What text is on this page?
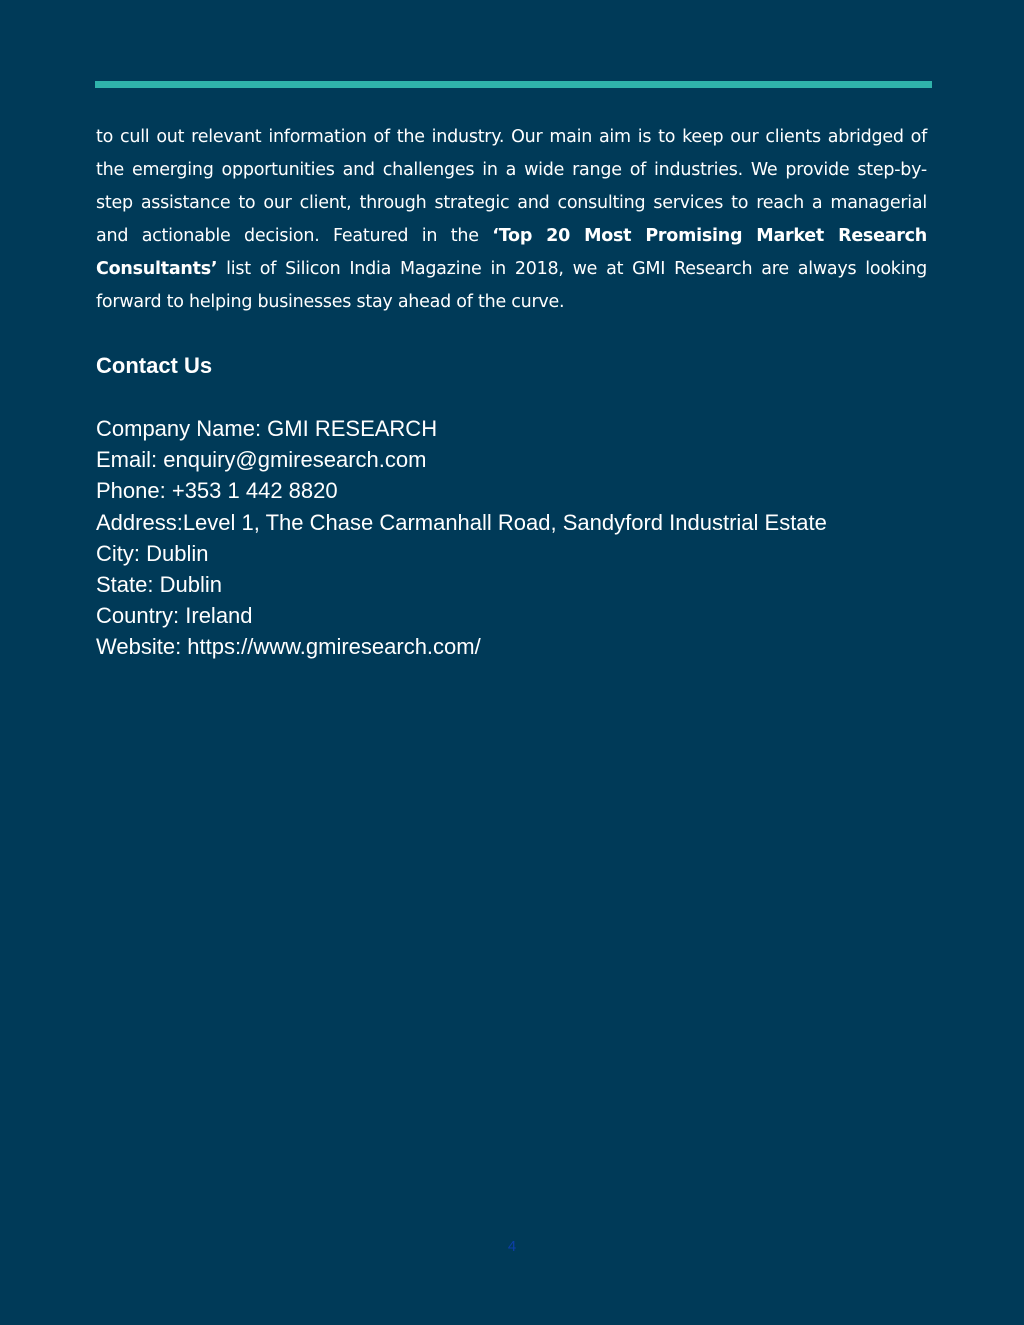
to cull out relevant information of the industry. Our main aim is to keep our clients abridged of the emerging opportunities and challenges in a wide range of industries. We provide step-by-step assistance to our client, through strategic and consulting services to reach a managerial and actionable decision. Featured in the ‘Top 20 Most Promising Market Research Consultants’ list of Silicon India Magazine in 2018, we at GMI Research are always looking forward to helping businesses stay ahead of the curve.

Contact Us
Company Name: GMI RESEARCH
Email: enquiry@gmiresearch.com
Phone: +353 1 442 8820
Address:Level 1, The Chase Carmanhall Road, Sandyford Industrial Estate
City: Dublin
State: Dublin
Country: Ireland
Website: https://www.gmiresearch.com/
4
